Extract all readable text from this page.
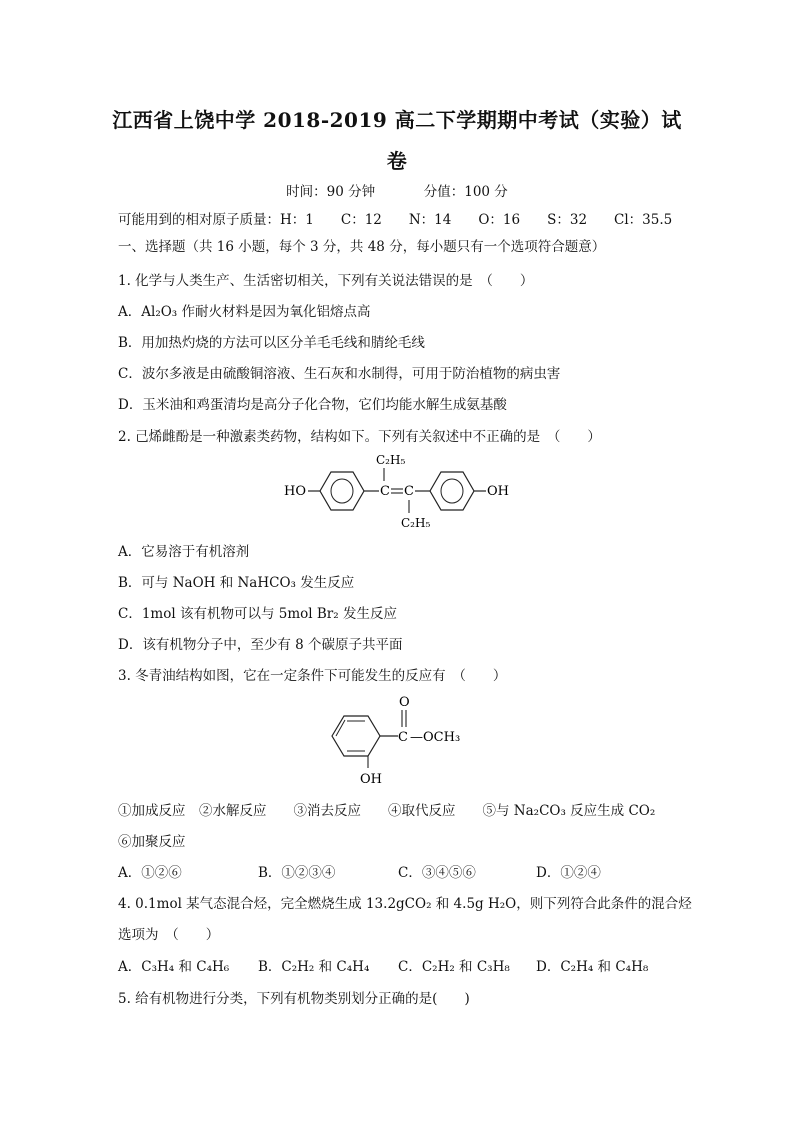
江西省上饶中学 2018-2019 高二下学期期中考试（实验）试
卷
时间：90 分钟	分值：100 分
可能用到的相对原子质量：H：1　　C：12　　N：14　　O：16　　S：32　　Cl：35.5
一、选择题（共 16 小题，每个 3 分，共 48 分，每小题只有一个选项符合题意）
1. 化学与人类生产、生活密切相关，下列有关说法错误的是　（　　）
A．Al₂O₃ 作耐火材料是因为氧化铝熔点高
B．用加热灼烧的方法可以区分羊毛毛线和腈纶毛线
C．波尔多液是由硫酸铜溶液、生石灰和水制得，可用于防治植物的病虫害
D．玉米油和鸡蛋清均是高分子化合物，它们均能水解生成氨基酸
2. 己烯雌酚是一种激素类药物，结构如下。下列有关叙述中不正确的是　（　　）
HO	C C
C₂H₅
C₂H₅
OH
A．它易溶于有机溶剂
B．可与 NaOH 和 NaHCO₃ 发生反应
C．1mol 该有机物可以与 5mol Br₂ 发生反应
D．该有机物分子中，至少有 8 个碳原子共平面
3. 冬青油结构如图，它在一定条件下可能发生的反应有　（　　）
C
O
—OCH₃
OH
①加成反应　②水解反应　　③消去反应　　④取代反应　　⑤与 Na₂CO₃ 反应生成 CO₂
⑥加聚反应
A．①②⑥	B．①②③④	C．③④⑤⑥	D．①②④
4. 0.1mol 某气态混合烃，完全燃烧生成 13.2gCO₂ 和 4.5g H₂O，则下列符合此条件的混合烃
选项为　（　　）
A．C₃H₄ 和 C₄H₆ B．C₂H₂ 和 C₄H₄ C．C₂H₂ 和 C₃H₈ D．C₂H₄ 和 C₄H₈
5. 给有机物进行分类，下列有机物类别划分正确的是(　　)
